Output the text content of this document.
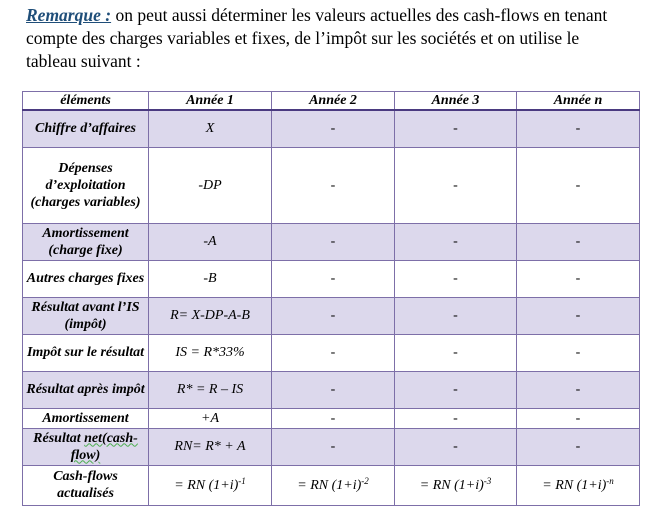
Remarque : on peut aussi déterminer les valeurs actuelles des cash-flows en tenant compte des charges variables et fixes, de l’impôt sur les sociétés et on utilise le tableau suivant :

éléments	Année 1	Année 2	Année 3	Année n
Chiffre d’affaires	X	-	-	-
Dépenses d’exploitation (charges variables)	-DP	-	-	-
Amortissement (charge fixe)	-A	-	-	-
Autres charges fixes	-B	-	-	-
Résultat avant l’IS (impôt)	R= X-DP-A-B	-	-	-
Impôt sur le résultat	IS = R*33%	-	-	-
Résultat après impôt	R* = R – IS	-	-	-
Amortissement	+A	-	-	-
Résultat net(cash-flow)	RN= R* + A	-	-	-
Cash-flows actualisés	= RN $(1+i)^{-1}$	= RN $(1+i)^{-2}$	= RN $(1+i)^{-3}$	= RN $(1+i)^{-n}$
